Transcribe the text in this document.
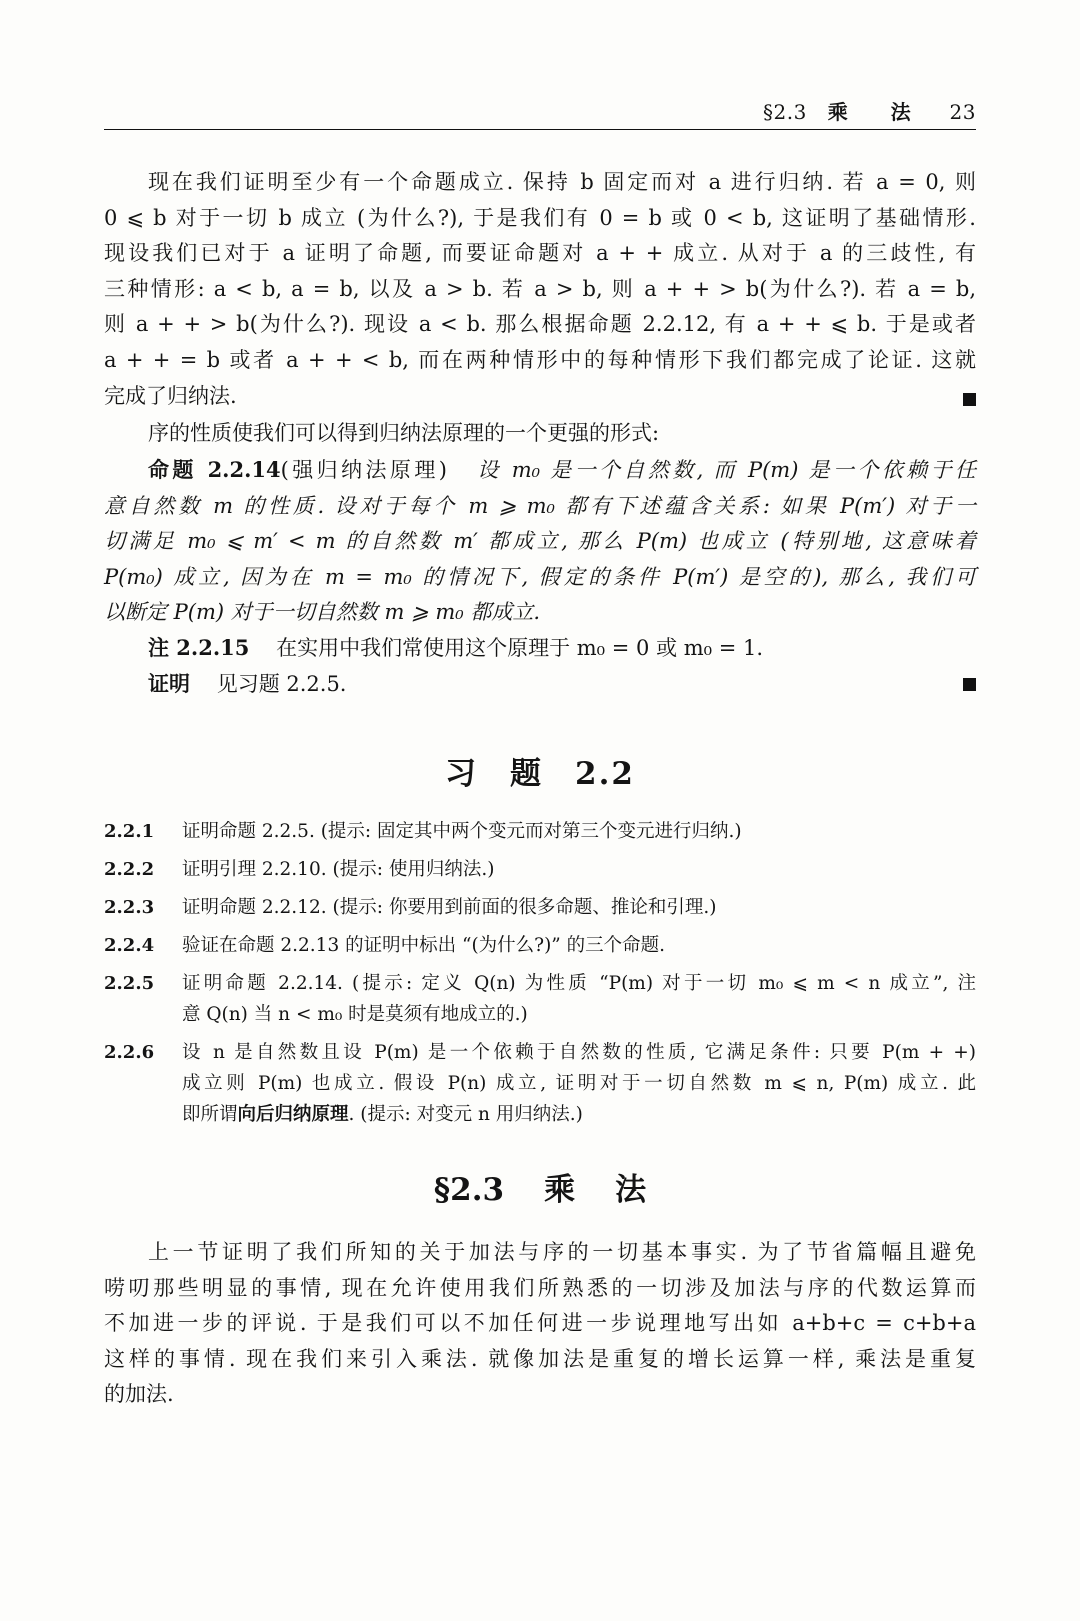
§2.3 乘 法 23
现在我们证明至少有一个命题成立. 保持 b 固定而对 a 进行归纳. 若 a = 0, 则
0 ⩽ b 对于一切 b 成立 (为什么?), 于是我们有 0 = b 或 0 < b, 这证明了基础情形.
现设我们已对于 a 证明了命题, 而要证命题对 a + + 成立. 从对于 a 的三歧性, 有
三种情形: a < b, a = b, 以及 a > b. 若 a > b, 则 a + + > b(为什么?). 若 a = b,
则 a + + > b(为什么?). 现设 a < b. 那么根据命题 2.2.12, 有 a + + ⩽ b. 于是或者
a + + = b 或者 a + + < b, 而在两种情形中的每种情形下我们都完成了论证. 这就
完成了归纳法.
序的性质使我们可以得到归纳法原理的一个更强的形式:
命题 2.2.14(强归纳法原理) 设 m₀ 是一个自然数, 而 P(m) 是一个依赖于任
意自然数 m 的性质. 设对于每个 m ⩾ m₀ 都有下述蕴含关系: 如果 P(m′) 对于一
切满足 m₀ ⩽ m′ < m 的自然数 m′ 都成立, 那么 P(m) 也成立 (特别地, 这意味着
P(m₀) 成立, 因为在 m = m₀ 的情况下, 假定的条件 P(m′) 是空的), 那么, 我们可
以断定 P(m) 对于一切自然数 m ⩾ m₀ 都成立.
注 2.2.15 在实用中我们常使用这个原理于 m₀ = 0 或 m₀ = 1.
证明 见习题 2.2.5.
习 题 2.2
2.2.1 证明命题 2.2.5. (提示: 固定其中两个变元而对第三个变元进行归纳.)
2.2.2 证明引理 2.2.10. (提示: 使用归纳法.)
2.2.3 证明命题 2.2.12. (提示: 你要用到前面的很多命题、推论和引理.)
2.2.4 验证在命题 2.2.13 的证明中标出 “(为什么?)” 的三个命题.
2.2.5 证明命题 2.2.14. (提示: 定义 Q(n) 为性质 “P(m) 对于一切 m₀ ⩽ m < n 成立”, 注
意 Q(n) 当 n < m₀ 时是莫须有地成立的.)
2.2.6 设 n 是自然数且设 P(m) 是一个依赖于自然数的性质, 它满足条件: 只要 P(m + +)
成立则 P(m) 也成立. 假设 P(n) 成立, 证明对于一切自然数 m ⩽ n, P(m) 成立. 此
即所谓向后归纳原理. (提示: 对变元 n 用归纳法.)
§2.3 乘 法
上一节证明了我们所知的关于加法与序的一切基本事实. 为了节省篇幅且避免
唠叨那些明显的事情, 现在允许使用我们所熟悉的一切涉及加法与序的代数运算而
不加进一步的评说. 于是我们可以不加任何进一步说理地写出如 a+b+c = c+b+a
这样的事情. 现在我们来引入乘法. 就像加法是重复的增长运算一样, 乘法是重复
的加法.
